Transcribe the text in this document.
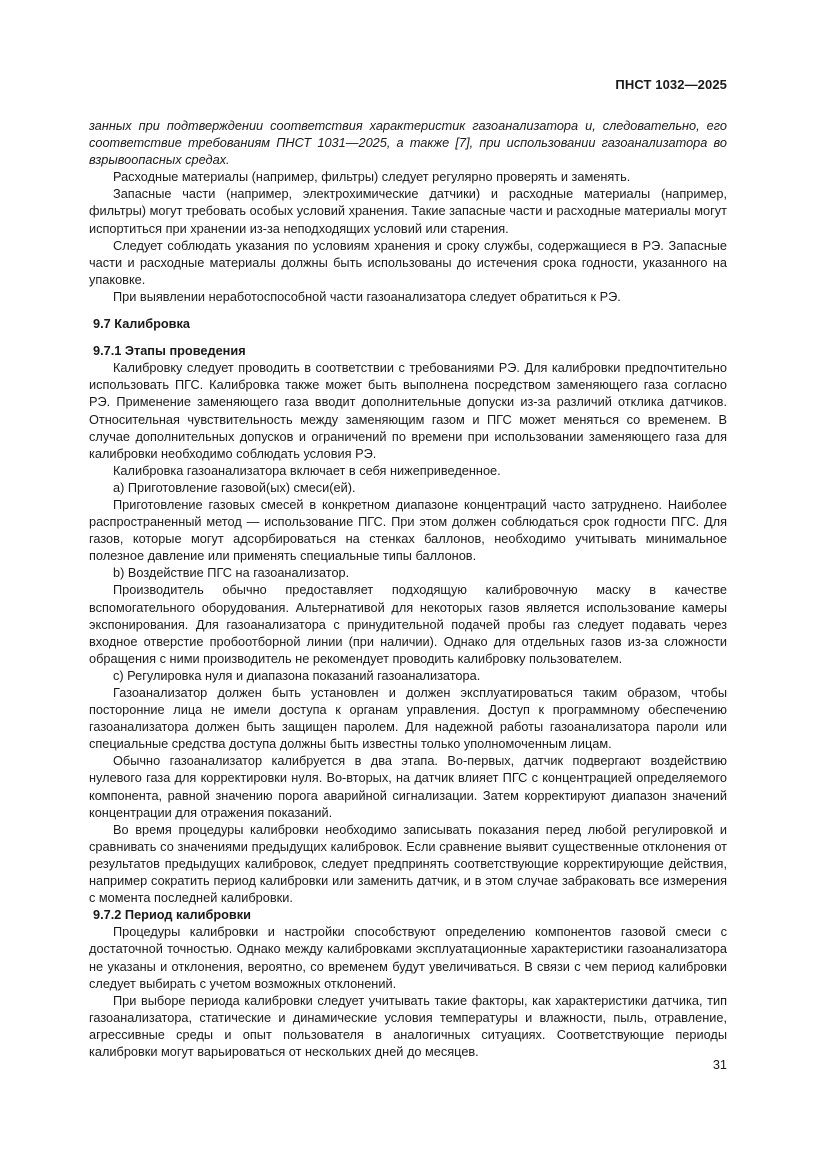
ПНСТ 1032—2025

занных при подтверждении соответствия характеристик газоанализатора и, следовательно, его соответствие требованиям ПНСТ 1031—2025, а также [7], при использовании газоанализатора во взрывоопасных средах.

Расходные материалы (например, фильтры) следует регулярно проверять и заменять.

Запасные части (например, электрохимические датчики) и расходные материалы (например, фильтры) могут требовать особых условий хранения. Такие запасные части и расходные материалы могут испортиться при хранении из-за неподходящих условий или старения.

Следует соблюдать указания по условиям хранения и сроку службы, содержащиеся в РЭ. Запасные части и расходные материалы должны быть использованы до истечения срока годности, указанного на упаковке.

При выявлении неработоспособной части газоанализатора следует обратиться к РЭ.

9.7 Калибровка
9.7.1 Этапы проведения

Калибровку следует проводить в соответствии с требованиями РЭ. Для калибровки предпочтительно использовать ПГС. Калибровка также может быть выполнена посредством заменяющего газа согласно РЭ. Применение заменяющего газа вводит дополнительные допуски из-за различий отклика датчиков. Относительная чувствительность между заменяющим газом и ПГС может меняться со временем. В случае дополнительных допусков и ограничений по времени при использовании заменяющего газа для калибровки необходимо соблюдать условия РЭ.

Калибровка газоанализатора включает в себя нижеприведенное.

а) Приготовление газовой(ых) смеси(ей).

Приготовление газовых смесей в конкретном диапазоне концентраций часто затруднено. Наиболее распространенный метод — использование ПГС. При этом должен соблюдаться срок годности ПГС. Для газов, которые могут адсорбироваться на стенках баллонов, необходимо учитывать минимальное полезное давление или применять специальные типы баллонов.

b) Воздействие ПГС на газоанализатор.

Производитель обычно предоставляет подходящую калибровочную маску в качестве вспомогательного оборудования. Альтернативой для некоторых газов является использование камеры экспонирования. Для газоанализатора с принудительной подачей пробы газ следует подавать через входное отверстие пробоотборной линии (при наличии). Однако для отдельных газов из-за сложности обращения с ними производитель не рекомендует проводить калибровку пользователем.

c) Регулировка нуля и диапазона показаний газоанализатора.

Газоанализатор должен быть установлен и должен эксплуатироваться таким образом, чтобы посторонние лица не имели доступа к органам управления. Доступ к программному обеспечению газоанализатора должен быть защищен паролем. Для надежной работы газоанализатора пароли или специальные средства доступа должны быть известны только уполномоченным лицам.

Обычно газоанализатор калибруется в два этапа. Во-первых, датчик подвергают воздействию нулевого газа для корректировки нуля. Во-вторых, на датчик влияет ПГС с концентрацией определяемого компонента, равной значению порога аварийной сигнализации. Затем корректируют диапазон значений концентрации для отражения показаний.

Во время процедуры калибровки необходимо записывать показания перед любой регулировкой и сравнивать со значениями предыдущих калибровок. Если сравнение выявит существенные отклонения от результатов предыдущих калибровок, следует предпринять соответствующие корректирующие действия, например сократить период калибровки или заменить датчик, и в этом случае забраковать все измерения с момента последней калибровки.

9.7.2 Период калибровки

Процедуры калибровки и настройки способствуют определению компонентов газовой смеси с достаточной точностью. Однако между калибровками эксплуатационные характеристики газоанализатора не указаны и отклонения, вероятно, со временем будут увеличиваться. В связи с чем период калибровки следует выбирать с учетом возможных отклонений.

При выборе периода калибровки следует учитывать такие факторы, как характеристики датчика, тип газоанализатора, статические и динамические условия температуры и влажности, пыль, отравление, агрессивные среды и опыт пользователя в аналогичных ситуациях. Соответствующие периоды калибровки могут варьироваться от нескольких дней до месяцев.

31
